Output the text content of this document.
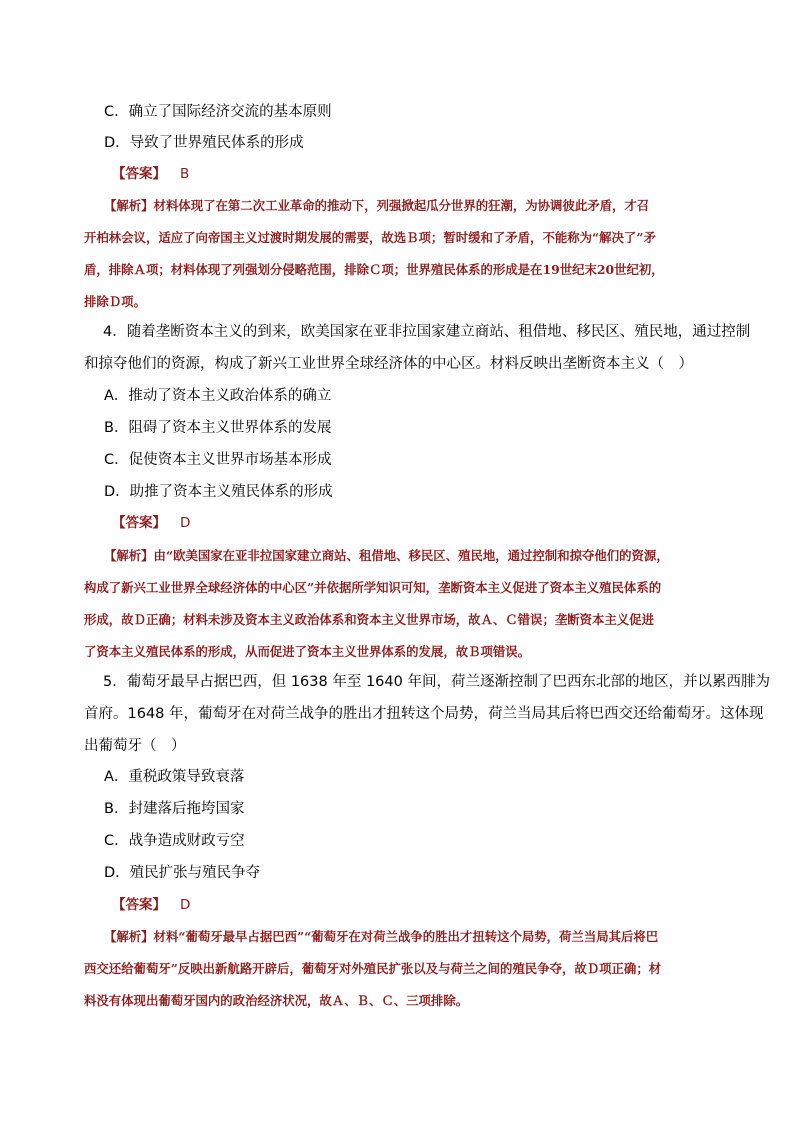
C．确立了国际经济交流的基本原则
D．导致了世界殖民体系的形成
【答案】 B
【解析】材料体现了在第二次工业革命的推动下，列强掀起瓜分世界的狂潮，为协调彼此矛盾，才召
开柏林会议，适应了向帝国主义过渡时期发展的需要，故选Ｂ项；暂时缓和了矛盾，不能称为“解决了”矛
盾，排除Ａ项；材料体现了列强划分侵略范围，排除Ｃ项；世界殖民体系的形成是在19世纪末20世纪初，
排除Ｄ项。
4．随着垄断资本主义的到来，欧美国家在亚非拉国家建立商站、租借地、移民区、殖民地，通过控制
和掠夺他们的资源，构成了新兴工业世界全球经济体的中心区。材料反映出垄断资本主义（　）
A．推动了资本主义政治体系的确立
B．阻碍了资本主义世界体系的发展
C．促使资本主义世界市场基本形成
D．助推了资本主义殖民体系的形成
【答案】 D
【解析】由“欧美国家在亚非拉国家建立商站、租借地、移民区、殖民地，通过控制和掠夺他们的资源，
构成了新兴工业世界全球经济体的中心区”并依据所学知识可知，垄断资本主义促进了资本主义殖民体系的
形成，故Ｄ正确；材料未涉及资本主义政治体系和资本主义世界市场，故Ａ、Ｃ错误；垄断资本主义促进
了资本主义殖民体系的形成，从而促进了资本主义世界体系的发展，故Ｂ项错误。
5．葡萄牙最早占据巴西，但 1638 年至 1640 年间，荷兰逐渐控制了巴西东北部的地区，并以累西腓为
首府。1648 年，葡萄牙在对荷兰战争的胜出才扭转这个局势，荷兰当局其后将巴西交还给葡萄牙。这体现
出葡萄牙（　）
A．重税政策导致衰落
B．封建落后拖垮国家
C．战争造成财政亏空
D．殖民扩张与殖民争夺
【答案】 D
【解析】材料“葡萄牙最早占据巴西”“葡萄牙在对荷兰战争的胜出才扭转这个局势，荷兰当局其后将巴
西交还给葡萄牙”反映出新航路开辟后，葡萄牙对外殖民扩张以及与荷兰之间的殖民争夺，故Ｄ项正确；材
料没有体现出葡萄牙国内的政治经济状况，故Ａ、Ｂ、Ｃ、三项排除。
